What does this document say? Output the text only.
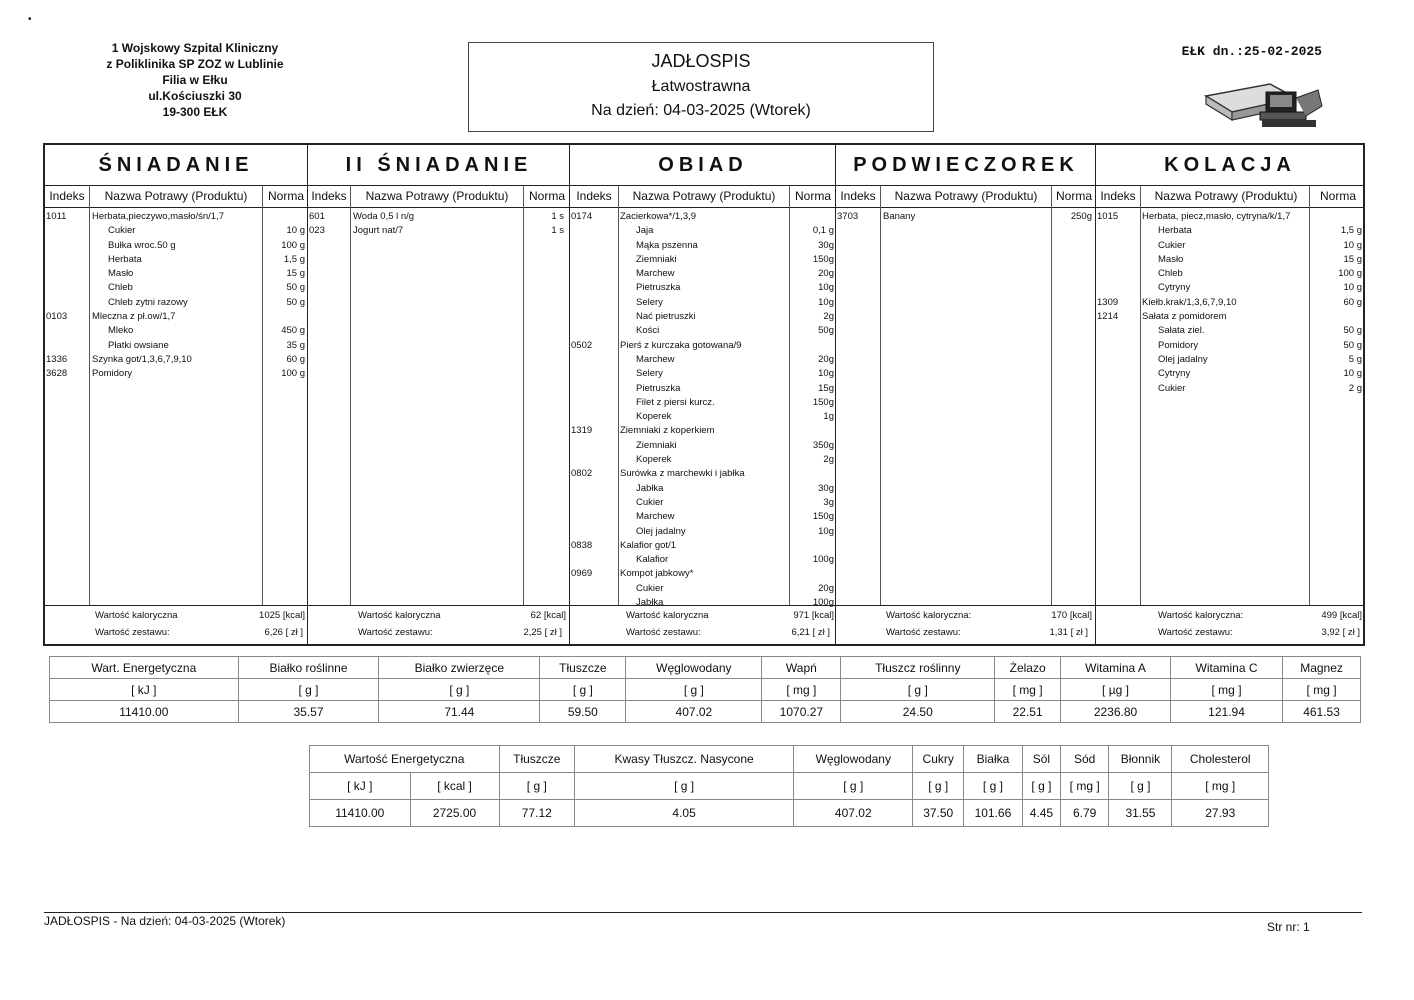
•
1 Wojskowy Szpital Kliniczny
z Poliklinika SP ZOZ w Lublinie
Filia w Ełku
ul.Kościuszki 30
19-300 EŁK
JADŁOSPIS
Łatwostrawna
Na dzień: 04-03-2025 (Wtorek)
EŁK dn.:25-02-2025
ŚNIADANIE
Indeks	Nazwa Potrawy (Produktu)	Norma
1011	Herbata,pieczywo,masło/śn/1,7
Cukier	10 g
Bułka wroc.50 g	100 g
Herbata	1,5 g
Masło	15 g
Chleb	50 g
Chleb zytni razowy	50 g
0103	Mleczna z pł.ow/1,7
Mleko	450 g
Płatki owsiane	35 g
1336	Szynka got/1,3,6,7,9,10	60 g
3628	Pomidory	100 g
Wartość kaloryczna	1025 [kcal]
Wartość zestawu:	6,26 [ zł ]
II ŚNIADANIE
Indeks	Nazwa Potrawy (Produktu)	Norma
601	Woda 0,5 l n/g	1 s
023	Jogurt nat/7	1 s
Wartość kaloryczna	62 [kcal]
Wartość zestawu:	2,25 [ zł ]
OBIAD
Indeks	Nazwa Potrawy (Produktu)	Norma
0174	Zacierkowa*/1,3,9
Jaja	0,1 g
Mąka pszenna	30g
Ziemniaki	150g
Marchew	20g
Pietruszka	10g
Selery	10g
Nać pietruszki	2g
Kości	50g
0502	Pierś z kurczaka gotowana/9
Marchew	20g
Selery	10g
Pietruszka	15g
Filet z piersi kurcz.	150g
Koperek	1g
1319	Ziemniaki z koperkiem
Ziemniaki	350g
Koperek	2g
0802	Surówka z marchewki i jabłka
Jabłka	30g
Cukier	3g
Marchew	150g
Olej jadalny	10g
0838	Kalafior got/1
Kalafior	100g
0969	Kompot jabkowy*
Cukier	20g
Jabłka	100g
Wartość kaloryczna	971 [kcal]
Wartość zestawu:	6,21 [ zł ]
PODWIECZOREK
Indeks	Nazwa Potrawy (Produktu)	Norma
3703	Banany	250g
Wartość kaloryczna:	170 [kcal]
Wartość zestawu:	1,31 [ zł ]
KOLACJA
Indeks	Nazwa Potrawy (Produktu)	Norma
1015	Herbata, piecz,masło, cytryna/k/1,7
Herbata	1,5 g
Cukier	10 g
Masło	15 g
Chleb	100 g
Cytryny	10 g
1309	Kiełb.krak/1,3,6,7,9,10	60 g
1214	Sałata z pomidorem
Sałata ziel.	50 g
Pomidory	50 g
Olej jadalny	5 g
Cytryny	10 g
Cukier	2 g
Wartość kaloryczna:	499 [kcal]
Wartość zestawu:	3,92 [ zł ]
Wart. Energetyczna	Białko roślinne	Białko zwierzęce	Tłuszcze	Węglowodany	Wapń	Tłuszcz roślinny	Żelazo	Witamina A	Witamina C	Magnez
[ kJ ]	[ g ]	[ g ]	[ g ]	[ g ]	[ mg ]	[ g ]	[ mg ]	[ µg ]	[ mg ]	[ mg ]
11410.00	35.57	71.44	59.50	407.02	1070.27	24.50	22.51	2236.80	121.94	461.53
Wartość Energetyczna		Tłuszcze	Kwasy Tłuszcz. Nasycone	Węglowodany	Cukry	Białka	Sól	Sód	Błonnik	Cholesterol
[ kJ ]	[ kcal ]	[ g ]	[ g ]	[ g ]	[ g ]	[ g ]	[ g ]	[ mg ]	[ g ]	[ mg ]
11410.00	2725.00	77.12	4.05	407.02	37.50	101.66	4.45	6.79	31.55	27.93
JADŁOSPIS - Na dzień: 04-03-2025 (Wtorek)	Str nr: 1
